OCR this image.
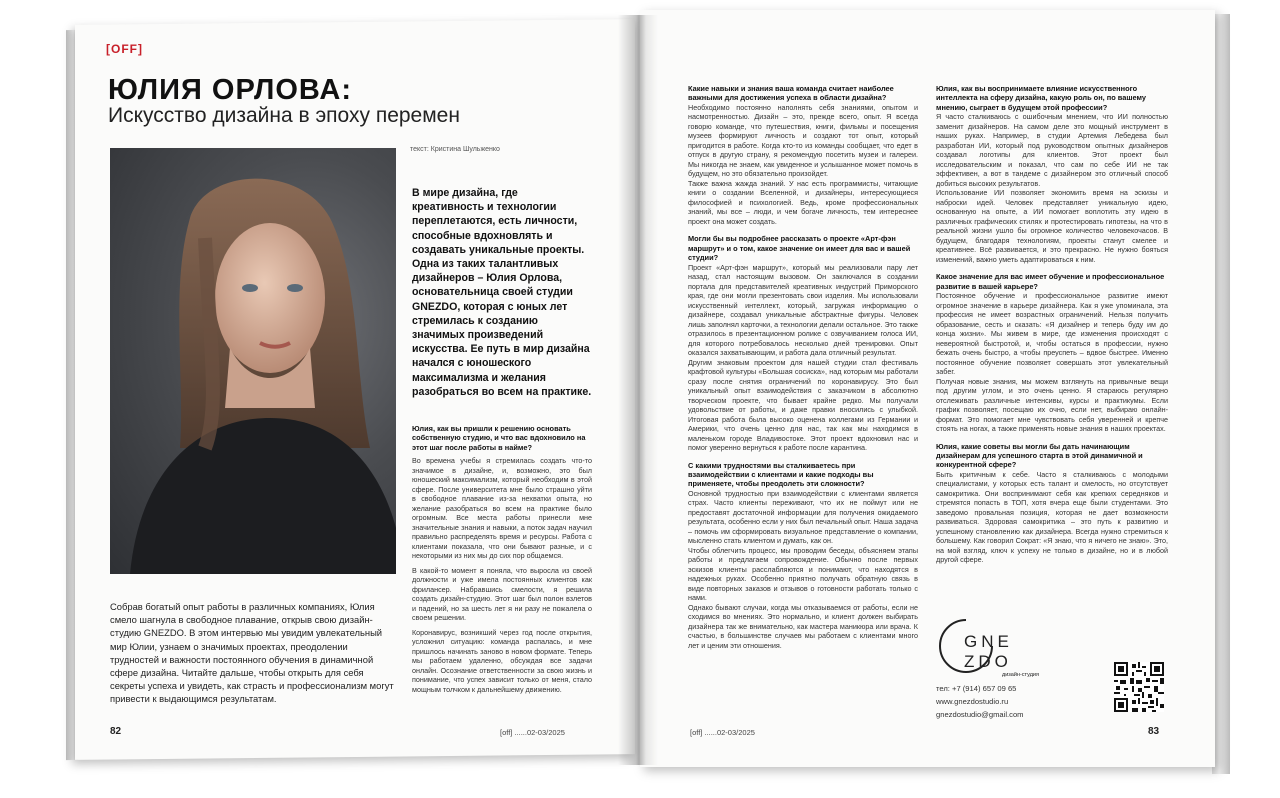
[OFF]
ЮЛИЯ ОРЛОВА:
Искусство дизайна в эпоху перемен
текст: Кристина Шульженко
В мире дизайна, где креативность и технологии переплетаются, есть личности, способные вдохновлять и создавать уникальные проекты. Одна из таких талантливых дизайнеров – Юлия Орлова, основательница своей студии GNEZDO, которая с юных лет стремилась к созданию значимых произведений искусства. Ее путь в мир дизайна начался с юношеского максимализма и желания разобраться во всем на практике.
Юлия, как вы пришли к решению основать собственную студию, и что вас вдохновило на этот шаг после работы в найме?
Во времена учебы я стремилась создать что-то значимое в дизайне, и, возможно, это был юношеский максимализм, который необходим в этой сфере. После университета мне было страшно уйти в свободное плавание из-за нехватки опыта, но желание разобраться во всем на практике было огромным. Все места работы принесли мне значительные знания и навыки, а поток задач научил правильно распределять время и ресурсы. Работа с клиентами показала, что они бывают разные, и с некоторыми из них мы до сих пор общаемся.
В какой-то момент я поняла, что выросла из своей должности и уже имела постоянных клиентов как фрилансер. Набравшись смелости, я решила создать дизайн-студию. Этот шаг был полон взлетов и падений, но за шесть лет я ни разу не пожалела о своем решении.
Коронавирус, возникший через год после открытия, усложнил ситуацию: команда распалась, и мне пришлось начинать заново в новом формате. Теперь мы работаем удаленно, обсуждая все задачи онлайн. Осознание ответственности за свою жизнь и понимание, что успех зависит только от меня, стало мощным толчком к дальнейшему движению.
Собрав богатый опыт работы в различных компаниях, Юлия смело шагнула в свободное плавание, открыв свою дизайн-студию GNEZDO. В этом интервью мы увидим увлекательный мир Юлии, узнаем о значимых проектах, преодолении трудностей и важности постоянного обучения в динамичной сфере дизайна. Читайте дальше, чтобы открыть для себя секреты успеха и увидеть, как страсть и профессионализм могут привести к выдающимся результатам.
82	[off] ......02-03/2025
Какие навыки и знания ваша команда считает наиболее важными для достижения успеха в области дизайна?
Необходимо постоянно наполнять себя знаниями, опытом и насмотренностью. Дизайн – это, прежде всего, опыт. Я всегда говорю команде, что путешествия, книги, фильмы и посещения музеев формируют личность и создают тот опыт, который пригодится в работе. Когда кто-то из команды сообщает, что едет в отпуск в другую страну, я рекомендую посетить музеи и галереи. Мы никогда не знаем, как увиденное и услышанное может помочь в будущем, но это обязательно произойдет.
Также важна жажда знаний. У нас есть программисты, читающие книги о создании Вселенной, и дизайнеры, интересующиеся философией и психологией. Ведь, кроме профессиональных знаний, мы все – люди, и чем богаче личность, тем интереснее проект она может создать.
Могли бы вы подробнее рассказать о проекте «Арт-фэн маршрут» и о том, какое значение он имеет для вас и вашей студии?
Проект «Арт-фэн маршрут», который мы реализовали пару лет назад, стал настоящим вызовом. Он заключался в создании портала для представителей креативных индустрий Приморского края, где они могли презентовать свои изделия. Мы использовали искусственный интеллект, который, загружая информацию о дизайнере, создавал уникальные абстрактные фигуры. Человек лишь заполнял карточки, а технологии делали остальное. Это также отразилось в презентационном ролике с озвучиванием голоса ИИ, для которого потребовалось несколько дней тренировки. Опыт оказался захватывающим, и работа дала отличный результат.
Другим знаковым проектом для нашей студии стал фестиваль крафтовой культуры «Большая сосиска», над которым мы работали сразу после снятия ограничений по коронавирусу. Это был уникальный опыт взаимодействия с заказчиком в абсолютно творческом проекте, что бывает крайне редко. Мы получали удовольствие от работы, и даже правки вносились с улыбкой. Итоговая работа была высоко оценена коллегами из Германии и Америки, что очень ценно для нас, так как мы находимся в маленьком городе Владивостоке. Этот проект вдохновил нас и помог уверенно вернуться к работе после карантина.
С какими трудностями вы сталкиваетесь при взаимодействии с клиентами и какие подходы вы применяете, чтобы преодолеть эти сложности?
Основной трудностью при взаимодействии с клиентами является страх. Часто клиенты переживают, что их не поймут или не предоставят достаточной информации для получения ожидаемого результата, особенно если у них был печальный опыт. Наша задача – помочь им сформировать визуальное представление о компании, мысленно стать клиентом и думать, как он.
Чтобы облегчить процесс, мы проводим беседы, объясняем этапы работы и предлагаем сопровождение. Обычно после первых эскизов клиенты расслабляются и понимают, что находятся в надежных руках. Особенно приятно получать обратную связь в виде повторных заказов и отзывов о готовности работать только с нами.
Однако бывают случаи, когда мы отказываемся от работы, если не сходимся во мнениях. Это нормально, и клиент должен выбирать дизайнера так же внимательно, как мастера маникюра или врача. К счастью, в большинстве случаев мы работаем с клиентами много лет и ценим эти отношения.
Юлия, как вы воспринимаете влияние искусственного интеллекта на сферу дизайна, какую роль он, по вашему мнению, сыграет в будущем этой профессии?
Я часто сталкиваюсь с ошибочным мнением, что ИИ полностью заменит дизайнеров. На самом деле это мощный инструмент в наших руках. Например, в студии Артемия Лебедева был разработан ИИ, который под руководством опытных дизайнеров создавал логотипы для клиентов. Этот проект был исследовательским и показал, что сам по себе ИИ не так эффективен, а вот в тандеме с дизайнером это отличный способ добиться высоких результатов.
Использование ИИ позволяет экономить время на эскизы и наброски идей. Человек представляет уникальную идею, основанную на опыте, а ИИ помогает воплотить эту идею в различных графических стилях и протестировать гипотезы, на что в реальной жизни ушло бы огромное количество человекочасов. В будущем, благодаря технологиям, проекты станут смелее и креативнее. Всё развивается, и это прекрасно. Не нужно бояться изменений, важно уметь адаптироваться к ним.
Какое значение для вас имеет обучение и профессиональное развитие в вашей карьере?
Постоянное обучение и профессиональное развитие имеют огромное значение в карьере дизайнера. Как я уже упоминала, эта профессия не имеет возрастных ограничений. Нельзя получить образование, сесть и сказать: «Я дизайнер и теперь буду им до конца жизни». Мы живем в мире, где изменения происходят с невероятной быстротой, и, чтобы остаться в профессии, нужно бежать очень быстро, а чтобы преуспеть – вдвое быстрее. Именно постоянное обучение позволяет совершать этот увлекательный забег.
Получая новые знания, мы можем взглянуть на привычные вещи под другим углом, и это очень ценно. Я стараюсь регулярно отслеживать различные интенсивы, курсы и практикумы. Если график позволяет, посещаю их очно, если нет, выбираю онлайн-формат. Это помогает мне чувствовать себя уверенней и крепче стоять на ногах, а также применять новые знания в наших проектах.
Юлия, какие советы вы могли бы дать начинающим дизайнерам для успешного старта в этой динамичной и конкурентной сфере?
Быть критичным к себе. Часто я сталкиваюсь с молодыми специалистами, у которых есть талант и смелость, но отсутствует самокритика. Они воспринимают себя как крепких середняков и стремятся попасть в ТОП, хотя вчера еще были студентами. Это заведомо провальная позиция, которая не дает возможности развиваться. Здоровая самокритика – это путь к развитию и успешному становлению как дизайнера. Всегда нужно стремиться к большему. Как говорил Сократ: «Я знаю, что я ничего не знаю». Это, на мой взгляд, ключ к успеху не только в дизайне, но и в любой другой сфере.
GNE
ZDO
дизайн-студия
тел: +7 (914) 657 09 65
www.gnezdostudio.ru
gnezdostudio@gmail.com
[off] ......02-03/2025	83
